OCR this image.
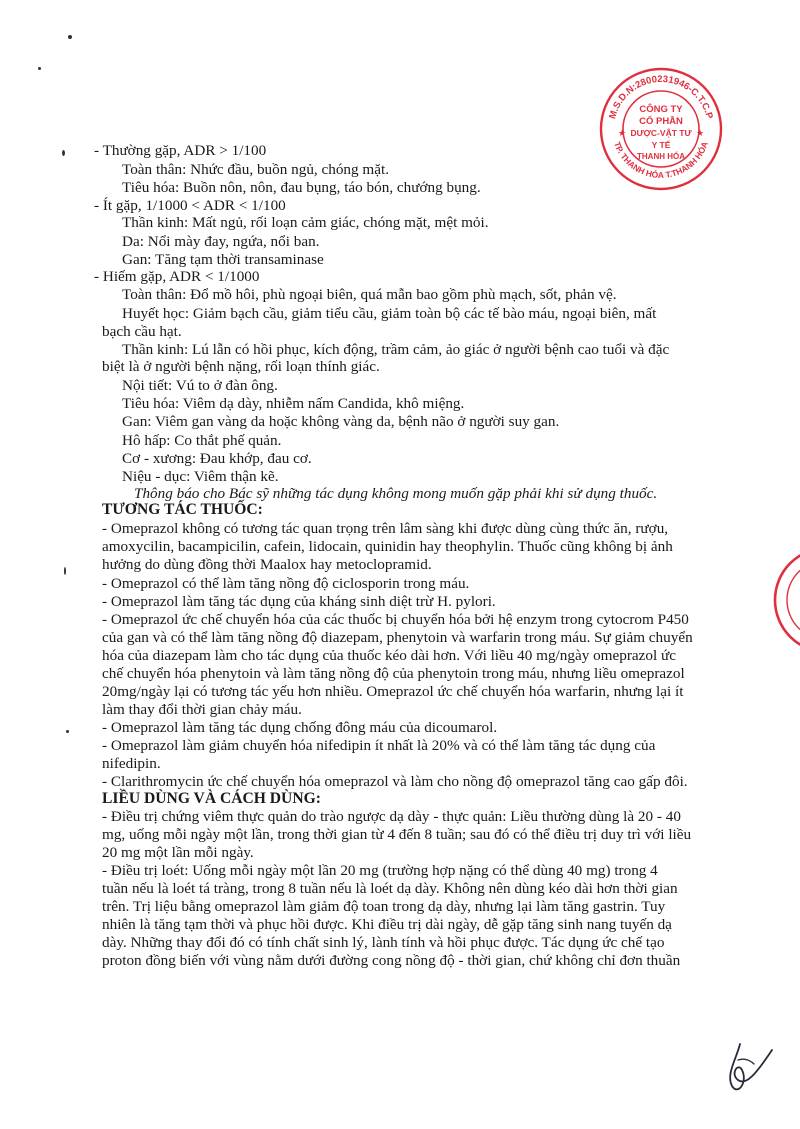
M.S.D.N:2800231946-C.T.C.P
TP. THANH HÓA T.THANH HÓA
★	★
CÔNG TY
CỔ PHẦN
DƯỢC-VẬT TƯ
Y TẾ
THANH HÓA
- Thường gặp, ADR > 1/100
Toàn thân: Nhức đầu, buồn ngủ, chóng mặt.
Tiêu hóa: Buồn nôn, nôn, đau bụng, táo bón, chướng bụng.
- Ít gặp, 1/1000 < ADR < 1/100
Thần kinh: Mất ngủ, rối loạn cảm giác, chóng mặt, mệt mỏi.
Da: Nổi mày đay, ngứa, nổi ban.
Gan: Tăng tạm thời transaminase
- Hiếm gặp, ADR < 1/1000
Toàn thân: Đổ mồ hôi, phù ngoại biên, quá mẫn bao gồm phù mạch, sốt, phản vệ.
Huyết học: Giảm bạch cầu, giảm tiểu cầu, giảm toàn bộ các tế bào máu, ngoại biên, mất
bạch cầu hạt.
Thần kinh: Lú lẫn có hồi phục, kích động, trầm cảm, ảo giác ở người bệnh cao tuổi và đặc
biệt là ở người bệnh nặng, rối loạn thính giác.
Nội tiết: Vú to ở đàn ông.
Tiêu hóa: Viêm dạ dày, nhiễm nấm Candida, khô miệng.
Gan: Viêm gan vàng da hoặc không vàng da, bệnh não ở người suy gan.
Hô hấp: Co thắt phế quản.
Cơ - xương: Đau khớp, đau cơ.
Niệu - dục: Viêm thận kẽ.
Thông báo cho Bác sỹ những tác dụng không mong muốn gặp phải khi sử dụng thuốc.
TƯƠNG TÁC THUỐC:
- Omeprazol không có tương tác quan trọng trên lâm sàng khi được dùng cùng thức ăn, rượu,
amoxycilin, bacampicilin, cafein, lidocain, quinidin hay theophylin. Thuốc cũng không bị ảnh
hưởng do dùng đồng thời Maalox hay metoclopramid.
- Omeprazol có thể làm tăng nồng độ ciclosporin trong máu.
- Omeprazol làm tăng tác dụng của kháng sinh diệt trừ H. pylori.
- Omeprazol ức chế chuyển hóa của các thuốc bị chuyển hóa bởi hệ enzym trong cytocrom P450
của gan và có thể làm tăng nồng độ diazepam, phenytoin và warfarin trong máu. Sự giảm chuyển
hóa của diazepam làm cho tác dụng của thuốc kéo dài hơn. Với liều 40 mg/ngày omeprazol ức
chế chuyển hóa phenytoin và làm tăng nồng độ của phenytoin trong máu, nhưng liều omeprazol
20mg/ngày lại có tương tác yếu hơn nhiều. Omeprazol ức chế chuyển hóa warfarin, nhưng lại ít
làm thay đổi thời gian chảy máu.
- Omeprazol làm tăng tác dụng chống đông máu của dicoumarol.
- Omeprazol làm giảm chuyển hóa nifedipin ít nhất là 20% và có thể làm tăng tác dụng của
nifedipin.
- Clarithromycin ức chế chuyển hóa omeprazol và làm cho nồng độ omeprazol tăng cao gấp đôi.
LIỀU DÙNG VÀ CÁCH DÙNG:
- Điều trị chứng viêm thực quản do trào ngược dạ dày - thực quản: Liều thường dùng là 20 - 40
mg, uống mỗi ngày một lần, trong thời gian từ 4 đến 8 tuần; sau đó có thể điều trị duy trì với liều
20 mg một lần mỗi ngày.
- Điều trị loét: Uống mỗi ngày một lần 20 mg (trường hợp nặng có thể dùng 40 mg) trong 4
tuần nếu là loét tá tràng, trong 8 tuần nếu là loét dạ dày. Không nên dùng kéo dài hơn thời gian
trên. Trị liệu bằng omeprazol làm giảm độ toan trong dạ dày, nhưng lại làm tăng gastrin. Tuy
nhiên là tăng tạm thời và phục hồi được. Khi điều trị dài ngày, dễ gặp tăng sinh nang tuyến dạ
dày. Những thay đổi đó có tính chất sinh lý, lành tính và hồi phục được. Tác dụng ức chế tạo
proton đồng biến với vùng nằm dưới đường cong nồng độ - thời gian, chứ không chỉ đơn thuần
